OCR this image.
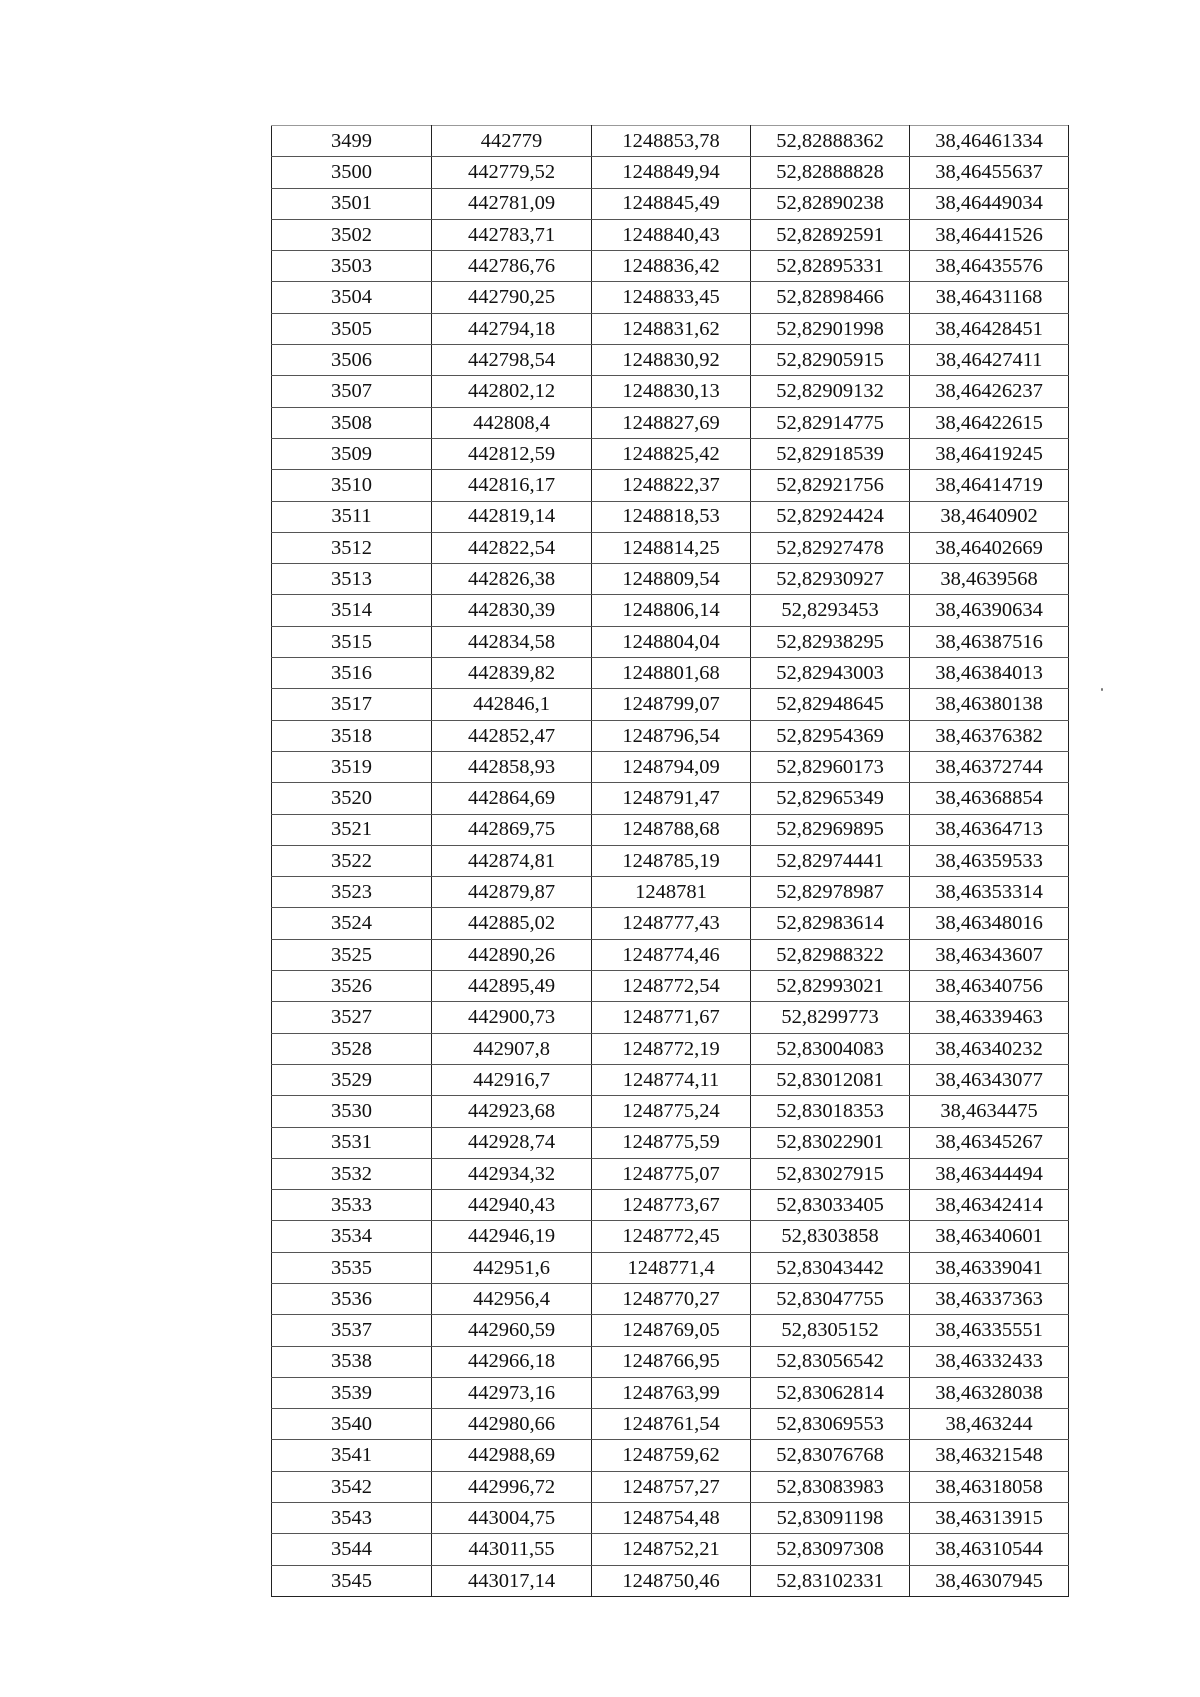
3499	442779	1248853,78	52,82888362	38,46461334
3500	442779,52	1248849,94	52,82888828	38,46455637
3501	442781,09	1248845,49	52,82890238	38,46449034
3502	442783,71	1248840,43	52,82892591	38,46441526
3503	442786,76	1248836,42	52,82895331	38,46435576
3504	442790,25	1248833,45	52,82898466	38,46431168
3505	442794,18	1248831,62	52,82901998	38,46428451
3506	442798,54	1248830,92	52,82905915	38,46427411
3507	442802,12	1248830,13	52,82909132	38,46426237
3508	442808,4	1248827,69	52,82914775	38,46422615
3509	442812,59	1248825,42	52,82918539	38,46419245
3510	442816,17	1248822,37	52,82921756	38,46414719
3511	442819,14	1248818,53	52,82924424	38,4640902
3512	442822,54	1248814,25	52,82927478	38,46402669
3513	442826,38	1248809,54	52,82930927	38,4639568
3514	442830,39	1248806,14	52,8293453	38,46390634
3515	442834,58	1248804,04	52,82938295	38,46387516
3516	442839,82	1248801,68	52,82943003	38,46384013
3517	442846,1	1248799,07	52,82948645	38,46380138
3518	442852,47	1248796,54	52,82954369	38,46376382
3519	442858,93	1248794,09	52,82960173	38,46372744
3520	442864,69	1248791,47	52,82965349	38,46368854
3521	442869,75	1248788,68	52,82969895	38,46364713
3522	442874,81	1248785,19	52,82974441	38,46359533
3523	442879,87	1248781	52,82978987	38,46353314
3524	442885,02	1248777,43	52,82983614	38,46348016
3525	442890,26	1248774,46	52,82988322	38,46343607
3526	442895,49	1248772,54	52,82993021	38,46340756
3527	442900,73	1248771,67	52,8299773	38,46339463
3528	442907,8	1248772,19	52,83004083	38,46340232
3529	442916,7	1248774,11	52,83012081	38,46343077
3530	442923,68	1248775,24	52,83018353	38,4634475
3531	442928,74	1248775,59	52,83022901	38,46345267
3532	442934,32	1248775,07	52,83027915	38,46344494
3533	442940,43	1248773,67	52,83033405	38,46342414
3534	442946,19	1248772,45	52,8303858	38,46340601
3535	442951,6	1248771,4	52,83043442	38,46339041
3536	442956,4	1248770,27	52,83047755	38,46337363
3537	442960,59	1248769,05	52,8305152	38,46335551
3538	442966,18	1248766,95	52,83056542	38,46332433
3539	442973,16	1248763,99	52,83062814	38,46328038
3540	442980,66	1248761,54	52,83069553	38,463244
3541	442988,69	1248759,62	52,83076768	38,46321548
3542	442996,72	1248757,27	52,83083983	38,46318058
3543	443004,75	1248754,48	52,83091198	38,46313915
3544	443011,55	1248752,21	52,83097308	38,46310544
3545	443017,14	1248750,46	52,83102331	38,46307945
